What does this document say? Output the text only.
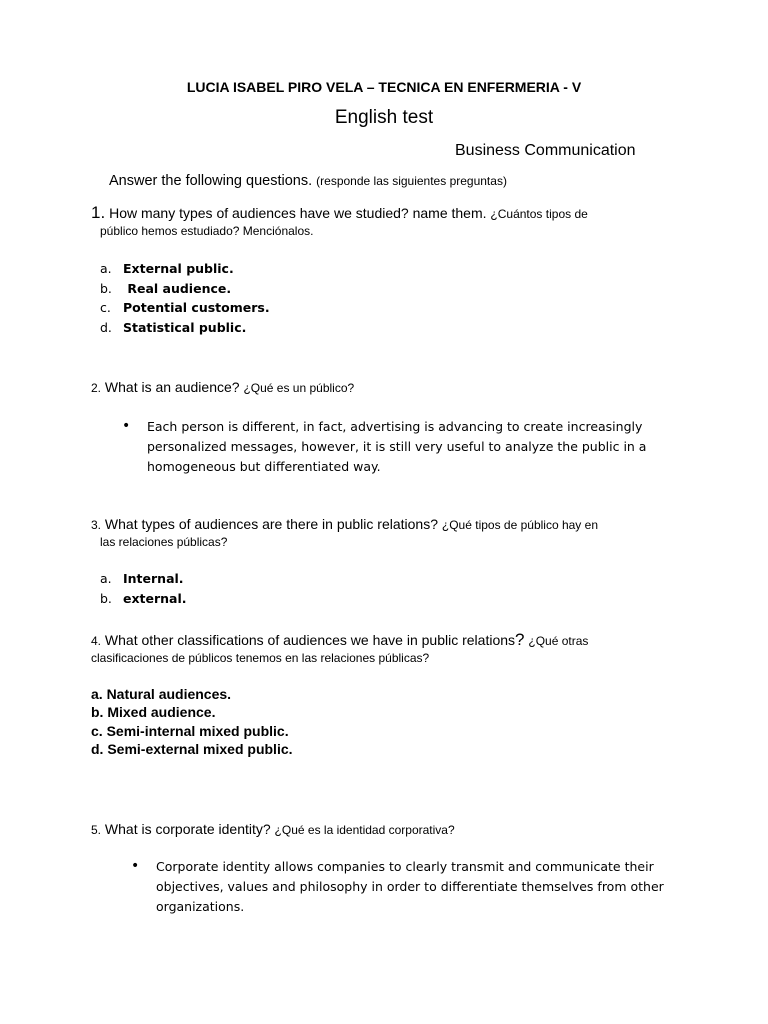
LUCIA ISABEL PIRO VELA – TECNICA EN ENFERMERIA - V
English test
Business Communication
Answer the following questions. (responde las siguientes preguntas)
1. How many types of audiences have we studied? name them. ¿Cuántos tipos de
público hemos estudiado? Menciónalos.
a. External public.
b. Real audience.
c. Potential customers.
d. Statistical public.
2. What is an audience? ¿Qué es un público?
• Each person is different, in fact, advertising is advancing to create increasingly personalized messages, however, it is still very useful to analyze the public in a homogeneous but differentiated way.
3. What types of audiences are there in public relations? ¿Qué tipos de público hay en
las relaciones públicas?
a. Internal.
b. external.
4. What other classifications of audiences we have in public relations? ¿Qué otras
clasificaciones de públicos tenemos en las relaciones públicas?
a. Natural audiences.
b. Mixed audience.
c. Semi-internal mixed public.
d. Semi-external mixed public.
5. What is corporate identity? ¿Qué es la identidad corporativa?
• Corporate identity allows companies to clearly transmit and communicate their objectives, values and philosophy in order to differentiate themselves from other organizations.
